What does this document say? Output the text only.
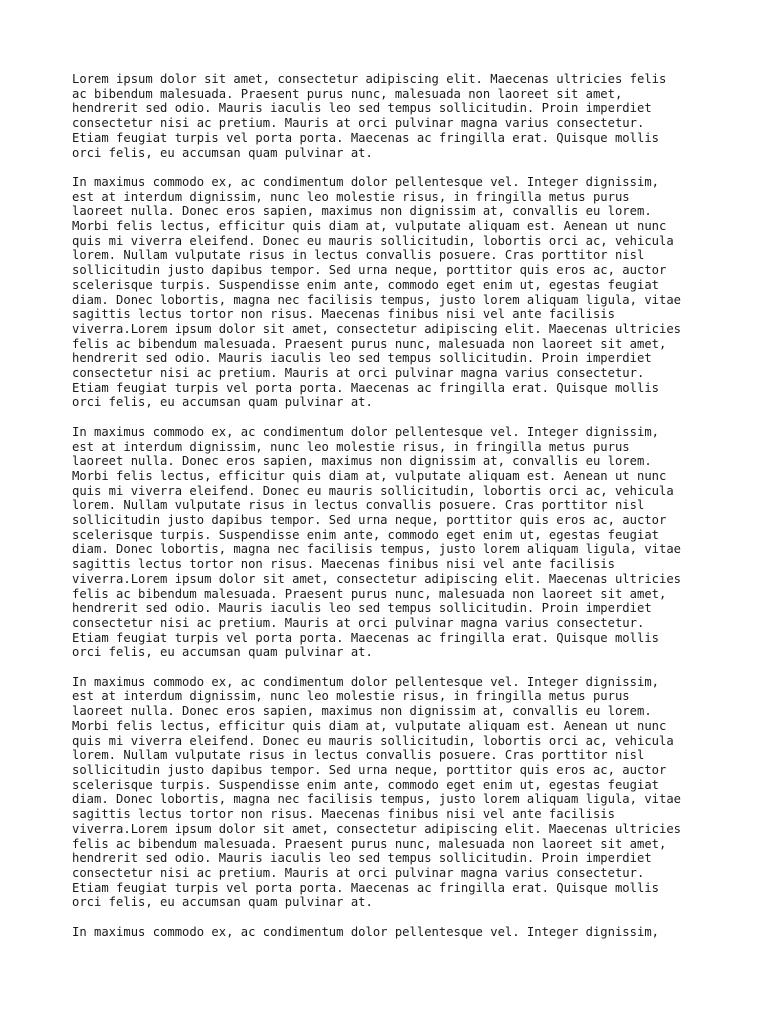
Lorem ipsum dolor sit amet, consectetur adipiscing elit. Maecenas ultricies felis
ac bibendum malesuada. Praesent purus nunc, malesuada non laoreet sit amet,
hendrerit sed odio. Mauris iaculis leo sed tempus sollicitudin. Proin imperdiet
consectetur nisi ac pretium. Mauris at orci pulvinar magna varius consectetur.
Etiam feugiat turpis vel porta porta. Maecenas ac fringilla erat. Quisque mollis
orci felis, eu accumsan quam pulvinar at.

In maximus commodo ex, ac condimentum dolor pellentesque vel. Integer dignissim,
est at interdum dignissim, nunc leo molestie risus, in fringilla metus purus
laoreet nulla. Donec eros sapien, maximus non dignissim at, convallis eu lorem.
Morbi felis lectus, efficitur quis diam at, vulputate aliquam est. Aenean ut nunc
quis mi viverra eleifend. Donec eu mauris sollicitudin, lobortis orci ac, vehicula
lorem. Nullam vulputate risus in lectus convallis posuere. Cras porttitor nisl
sollicitudin justo dapibus tempor. Sed urna neque, porttitor quis eros ac, auctor
scelerisque turpis. Suspendisse enim ante, commodo eget enim ut, egestas feugiat
diam. Donec lobortis, magna nec facilisis tempus, justo lorem aliquam ligula, vitae
sagittis lectus tortor non risus. Maecenas finibus nisi vel ante facilisis
viverra.Lorem ipsum dolor sit amet, consectetur adipiscing elit. Maecenas ultricies
felis ac bibendum malesuada. Praesent purus nunc, malesuada non laoreet sit amet,
hendrerit sed odio. Mauris iaculis leo sed tempus sollicitudin. Proin imperdiet
consectetur nisi ac pretium. Mauris at orci pulvinar magna varius consectetur.
Etiam feugiat turpis vel porta porta. Maecenas ac fringilla erat. Quisque mollis
orci felis, eu accumsan quam pulvinar at.

In maximus commodo ex, ac condimentum dolor pellentesque vel. Integer dignissim,
est at interdum dignissim, nunc leo molestie risus, in fringilla metus purus
laoreet nulla. Donec eros sapien, maximus non dignissim at, convallis eu lorem.
Morbi felis lectus, efficitur quis diam at, vulputate aliquam est. Aenean ut nunc
quis mi viverra eleifend. Donec eu mauris sollicitudin, lobortis orci ac, vehicula
lorem. Nullam vulputate risus in lectus convallis posuere. Cras porttitor nisl
sollicitudin justo dapibus tempor. Sed urna neque, porttitor quis eros ac, auctor
scelerisque turpis. Suspendisse enim ante, commodo eget enim ut, egestas feugiat
diam. Donec lobortis, magna nec facilisis tempus, justo lorem aliquam ligula, vitae
sagittis lectus tortor non risus. Maecenas finibus nisi vel ante facilisis
viverra.Lorem ipsum dolor sit amet, consectetur adipiscing elit. Maecenas ultricies
felis ac bibendum malesuada. Praesent purus nunc, malesuada non laoreet sit amet,
hendrerit sed odio. Mauris iaculis leo sed tempus sollicitudin. Proin imperdiet
consectetur nisi ac pretium. Mauris at orci pulvinar magna varius consectetur.
Etiam feugiat turpis vel porta porta. Maecenas ac fringilla erat. Quisque mollis
orci felis, eu accumsan quam pulvinar at.

In maximus commodo ex, ac condimentum dolor pellentesque vel. Integer dignissim,
est at interdum dignissim, nunc leo molestie risus, in fringilla metus purus
laoreet nulla. Donec eros sapien, maximus non dignissim at, convallis eu lorem.
Morbi felis lectus, efficitur quis diam at, vulputate aliquam est. Aenean ut nunc
quis mi viverra eleifend. Donec eu mauris sollicitudin, lobortis orci ac, vehicula
lorem. Nullam vulputate risus in lectus convallis posuere. Cras porttitor nisl
sollicitudin justo dapibus tempor. Sed urna neque, porttitor quis eros ac, auctor
scelerisque turpis. Suspendisse enim ante, commodo eget enim ut, egestas feugiat
diam. Donec lobortis, magna nec facilisis tempus, justo lorem aliquam ligula, vitae
sagittis lectus tortor non risus. Maecenas finibus nisi vel ante facilisis
viverra.Lorem ipsum dolor sit amet, consectetur adipiscing elit. Maecenas ultricies
felis ac bibendum malesuada. Praesent purus nunc, malesuada non laoreet sit amet,
hendrerit sed odio. Mauris iaculis leo sed tempus sollicitudin. Proin imperdiet
consectetur nisi ac pretium. Mauris at orci pulvinar magna varius consectetur.
Etiam feugiat turpis vel porta porta. Maecenas ac fringilla erat. Quisque mollis
orci felis, eu accumsan quam pulvinar at.

In maximus commodo ex, ac condimentum dolor pellentesque vel. Integer dignissim,
